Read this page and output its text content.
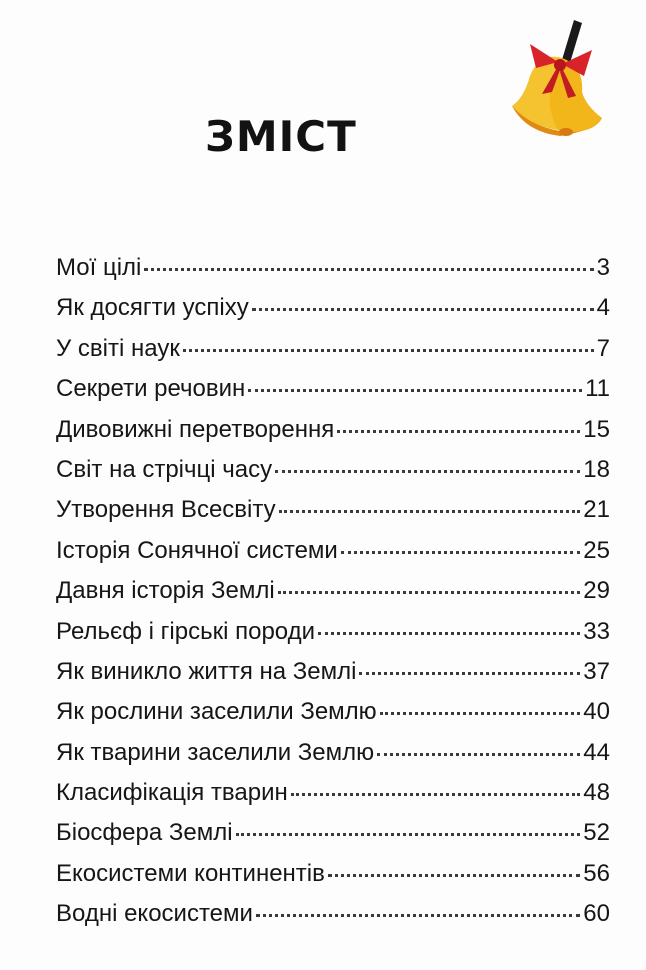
ЗМІСТ
Мої цілі	3
Як досягти успіху	4
У світі наук	7
Секрети речовин	11
Дивовижні перетворення	15
Світ на стрічці часу	18
Утворення Всесвіту	21
Історія Сонячної системи	25
Давня історія Землі	29
Рельєф і гірські породи	33
Як виникло життя на Землі	37
Як рослини заселили Землю	40
Як тварини заселили Землю	44
Класифікація тварин	48
Біосфера Землі	52
Екосистеми континентів	56
Водні екосистеми	60
